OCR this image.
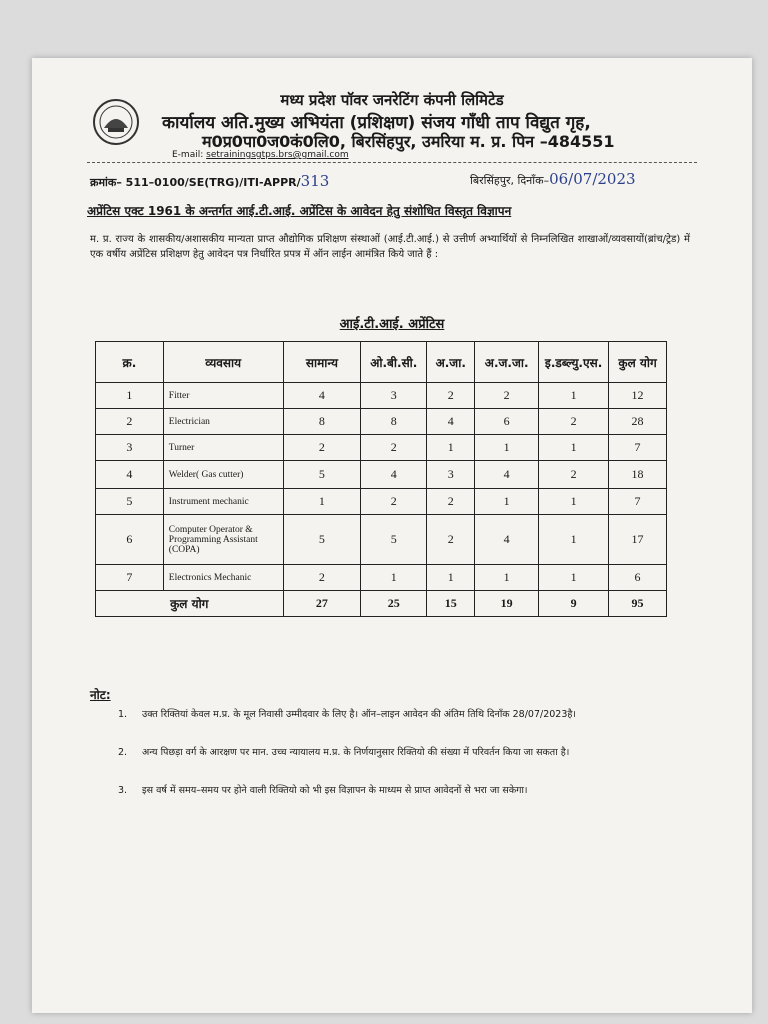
मध्य प्रदेश पॉवर जनरेटिंग कंपनी लिमिटेड
कार्यालय अति.मुख्य अभियंता (प्रशिक्षण) संजय गाँधी ताप विद्युत गृह,
म0प्र0पा0ज0कं0लि0, बिरसिंहपुर, उमरिया म. प्र. पिन –484551
E-mail: setrainingsgtps.brs@gmail.com
क्रमांक– 511–0100/SE(TRG)/ITI-APPR/313	बिरसिंहपुर, दिनाँक–06/07/2023
अप्रेंटिस एक्ट 1961 के अन्तर्गत आई.टी.आई. अप्रेंटिस के आवेदन हेतु संशोधित विस्तृत विज्ञापन
म. प्र. राज्य के शासकीय/अशासकीय मान्यता प्राप्त औद्योगिक प्रशिक्षण संस्थाओं (आई.टी.आई.) से उत्तीर्ण अभ्यार्थियों से निम्नलिखित शाखाओं/व्यवसायों(ब्रांच/ट्रेड) में एक वर्षीय अप्रेंटिस प्रशिक्षण हेतु आवेदन पत्र निर्धारित प्रपत्र में ऑन लाईन आमंत्रित किये जाते हैं :
आई.टी.आई. अप्रेंटिस
क्र.	व्यवसाय	सामान्य	ओ.बी.सी.	अ.जा.	अ.ज.जा.	इ.डब्ल्यु.एस.	कुल योग
1	Fitter	4	3	2	2	1	12
2	Electrician	8	8	4	6	2	28
3	Turner	2	2	1	1	1	7
4	Welder( Gas cutter)	5	4	3	4	2	18
5	Instrument mechanic	1	2	2	1	1	7
6	Computer Operator & Programming Assistant (COPA)	5	5	2	4	1	17
7	Electronics Mechanic	2	1	1	1	1	6
कुल योग		27	25	15	19	9	95
नोट:
1. उक्त रिक्तियां केवल म.प्र. के मूल निवासी उम्मीदवार के लिए है। ऑन–लाइन आवेदन की अंतिम तिथि दिनाँक 28/07/2023है।
2. अन्य पिछड़ा वर्ग के आरक्षण पर मान. उच्च न्यायालय म.प्र. के निर्णयानुसार रिक्तियो की संख्या में परिवर्तन किया जा सकता है।
3. इस वर्ष में समय–समय पर होने वाली रिक्तियो को भी इस विज्ञापन के माध्यम से प्राप्त आवेदनों से भरा जा सकेगा।
